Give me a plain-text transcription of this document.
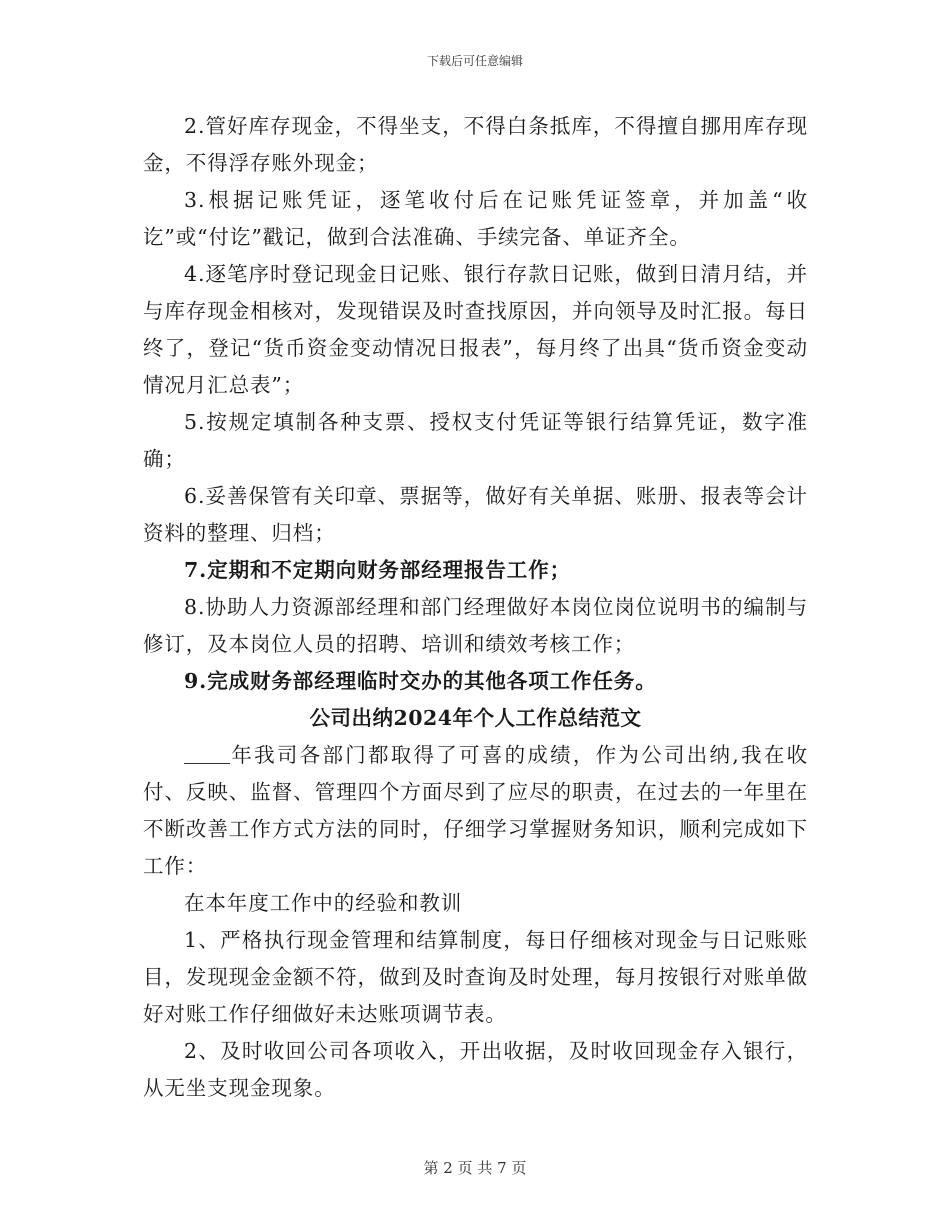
下载后可任意编辑

2.管好库存现金，不得坐支，不得白条抵库，不得擅自挪用库存现金，不得浮存账外现金；

3.根据记账凭证，逐笔收付后在记账凭证签章，并加盖“收讫”或“付讫”戳记，做到合法准确、手续完备、单证齐全。

4.逐笔序时登记现金日记账、银行存款日记账，做到日清月结，并与库存现金相核对，发现错误及时查找原因，并向领导及时汇报。每日终了，登记“货币资金变动情况日报表”，每月终了出具“货币资金变动情况月汇总表”；

5.按规定填制各种支票、授权支付凭证等银行结算凭证，数字准确；

6.妥善保管有关印章、票据等，做好有关单据、账册、报表等会计资料的整理、归档；

7.定期和不定期向财务部经理报告工作；

8.协助人力资源部经理和部门经理做好本岗位岗位说明书的编制与修订，及本岗位人员的招聘、培训和绩效考核工作；

9.完成财务部经理临时交办的其他各项工作任务。

公司出纳2024年个人工作总结范文

年我司各部门都取得了可喜的成绩，作为公司出纳,我在收付、反映、监督、管理四个方面尽到了应尽的职责，在过去的一年里在不断改善工作方式方法的同时，仔细学习掌握财务知识，顺利完成如下工作：

在本年度工作中的经验和教训

1、严格执行现金管理和结算制度，每日仔细核对现金与日记账账目，发现现金金额不符，做到及时查询及时处理，每月按银行对账单做好对账工作仔细做好未达账项调节表。

2、及时收回公司各项收入，开出收据，及时收回现金存入银行，从无坐支现金现象。

第 2 页 共 7 页
